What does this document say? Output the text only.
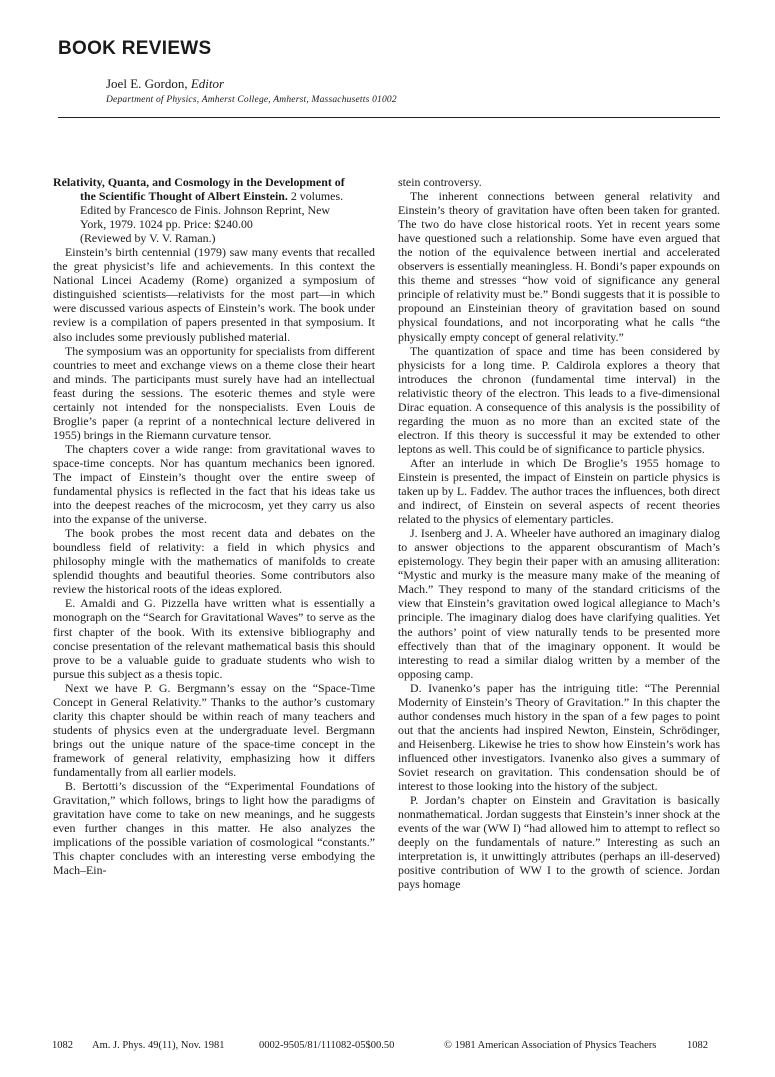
BOOK REVIEWS
Joel E. Gordon, Editor
Department of Physics, Amherst College, Amherst, Massachusetts 01002
Relativity, Quanta, and Cosmology in the Development of
the Scientific Thought of Albert Einstein. 2 volumes.
Edited by Francesco de Finis. Johnson Reprint, New
York, 1979. 1024 pp. Price: $240.00
(Reviewed by V. V. Raman.)

Einstein’s birth centennial (1979) saw many events that recalled the great physicist’s life and achievements. In this context the National Lincei Academy (Rome) organized a symposium of distinguished scientists—relativists for the most part—in which were discussed various aspects of Einstein’s work. The book under review is a compilation of papers presented in that symposium. It also includes some previously published material.

The symposium was an opportunity for specialists from different countries to meet and exchange views on a theme close their heart and minds. The participants must surely have had an intellectual feast during the sessions. The esoteric themes and style were certainly not intended for the nonspecialists. Even Louis de Broglie’s paper (a reprint of a nontechnical lecture delivered in 1955) brings in the Riemann curvature tensor.

The chapters cover a wide range: from gravitational waves to space-time concepts. Nor has quantum mechanics been ignored. The impact of Einstein’s thought over the entire sweep of fundamental physics is reflected in the fact that his ideas take us into the deepest reaches of the microcosm, yet they carry us also into the expanse of the universe.

The book probes the most recent data and debates on the boundless field of relativity: a field in which physics and philosophy mingle with the mathematics of manifolds to create splendid thoughts and beautiful theories. Some contributors also review the historical roots of the ideas explored.

E. Amaldi and G. Pizzella have written what is essentially a monograph on the “Search for Gravitational Waves” to serve as the first chapter of the book. With its extensive bibliography and concise presentation of the relevant mathematical basis this should prove to be a valuable guide to graduate students who wish to pursue this subject as a thesis topic.

Next we have P. G. Bergmann’s essay on the “Space-Time Concept in General Relativity.” Thanks to the author’s customary clarity this chapter should be within reach of many teachers and students of physics even at the undergraduate level. Bergmann brings out the unique nature of the space-time concept in the framework of general relativity, emphasizing how it differs fundamentally from all earlier models.

B. Bertotti’s discussion of the “Experimental Foundations of Gravitation,” which follows, brings to light how the paradigms of gravitation have come to take on new meanings, and he suggests even further changes in this matter. He also analyzes the implications of the possible variation of cosmological “constants.” This chapter concludes with an interesting verse embodying the Mach–Ein-

stein controversy.

The inherent connections between general relativity and Einstein’s theory of gravitation have often been taken for granted. The two do have close historical roots. Yet in recent years some have questioned such a relationship. Some have even argued that the notion of the equivalence between inertial and accelerated observers is essentially meaningless. H. Bondi’s paper expounds on this theme and stresses “how void of significance any general principle of relativity must be.” Bondi suggests that it is possible to propound an Einsteinian theory of gravitation based on sound physical foundations, and not incorporating what he calls “the physically empty concept of general relativity.”

The quantization of space and time has been considered by physicists for a long time. P. Caldirola explores a theory that introduces the chronon (fundamental time interval) in the relativistic theory of the electron. This leads to a five-dimensional Dirac equation. A consequence of this analysis is the possibility of regarding the muon as no more than an excited state of the electron. If this theory is successful it may be extended to other leptons as well. This could be of significance to particle physics.

After an interlude in which De Broglie’s 1955 homage to Einstein is presented, the impact of Einstein on particle physics is taken up by L. Faddev. The author traces the influences, both direct and indirect, of Einstein on several aspects of recent theories related to the physics of elementary particles.

J. Isenberg and J. A. Wheeler have authored an imaginary dialog to answer objections to the apparent obscurantism of Mach’s epistemology. They begin their paper with an amusing alliteration: “Mystic and murky is the measure many make of the meaning of Mach.” They respond to many of the standard criticisms of the view that Einstein’s gravitation owed logical allegiance to Mach’s principle. The imaginary dialog does have clarifying qualities. Yet the authors’ point of view naturally tends to be presented more effectively than that of the imaginary opponent. It would be interesting to read a similar dialog written by a member of the opposing camp.

D. Ivanenko’s paper has the intriguing title: “The Perennial Modernity of Einstein’s Theory of Gravitation.” In this chapter the author condenses much history in the span of a few pages to point out that the ancients had inspired Newton, Einstein, Schrödinger, and Heisenberg. Likewise he tries to show how Einstein’s work has influenced other investigators. Ivanenko also gives a summary of Soviet research on gravitation. This condensation should be of interest to those looking into the history of the subject.

P. Jordan’s chapter on Einstein and Gravitation is basically nonmathematical. Jordan suggests that Einstein’s inner shock at the events of the war (WW I) “had allowed him to attempt to reflect so deeply on the fundamentals of nature.” Interesting as such an interpretation is, it unwittingly attributes (perhaps an ill-deserved) positive contribution of WW I to the growth of science. Jordan pays homage

1082 Am. J. Phys. 49(11), Nov. 1981	0002-9505/81/111082-05$00.50	© 1981 American Association of Physics Teachers	1082
